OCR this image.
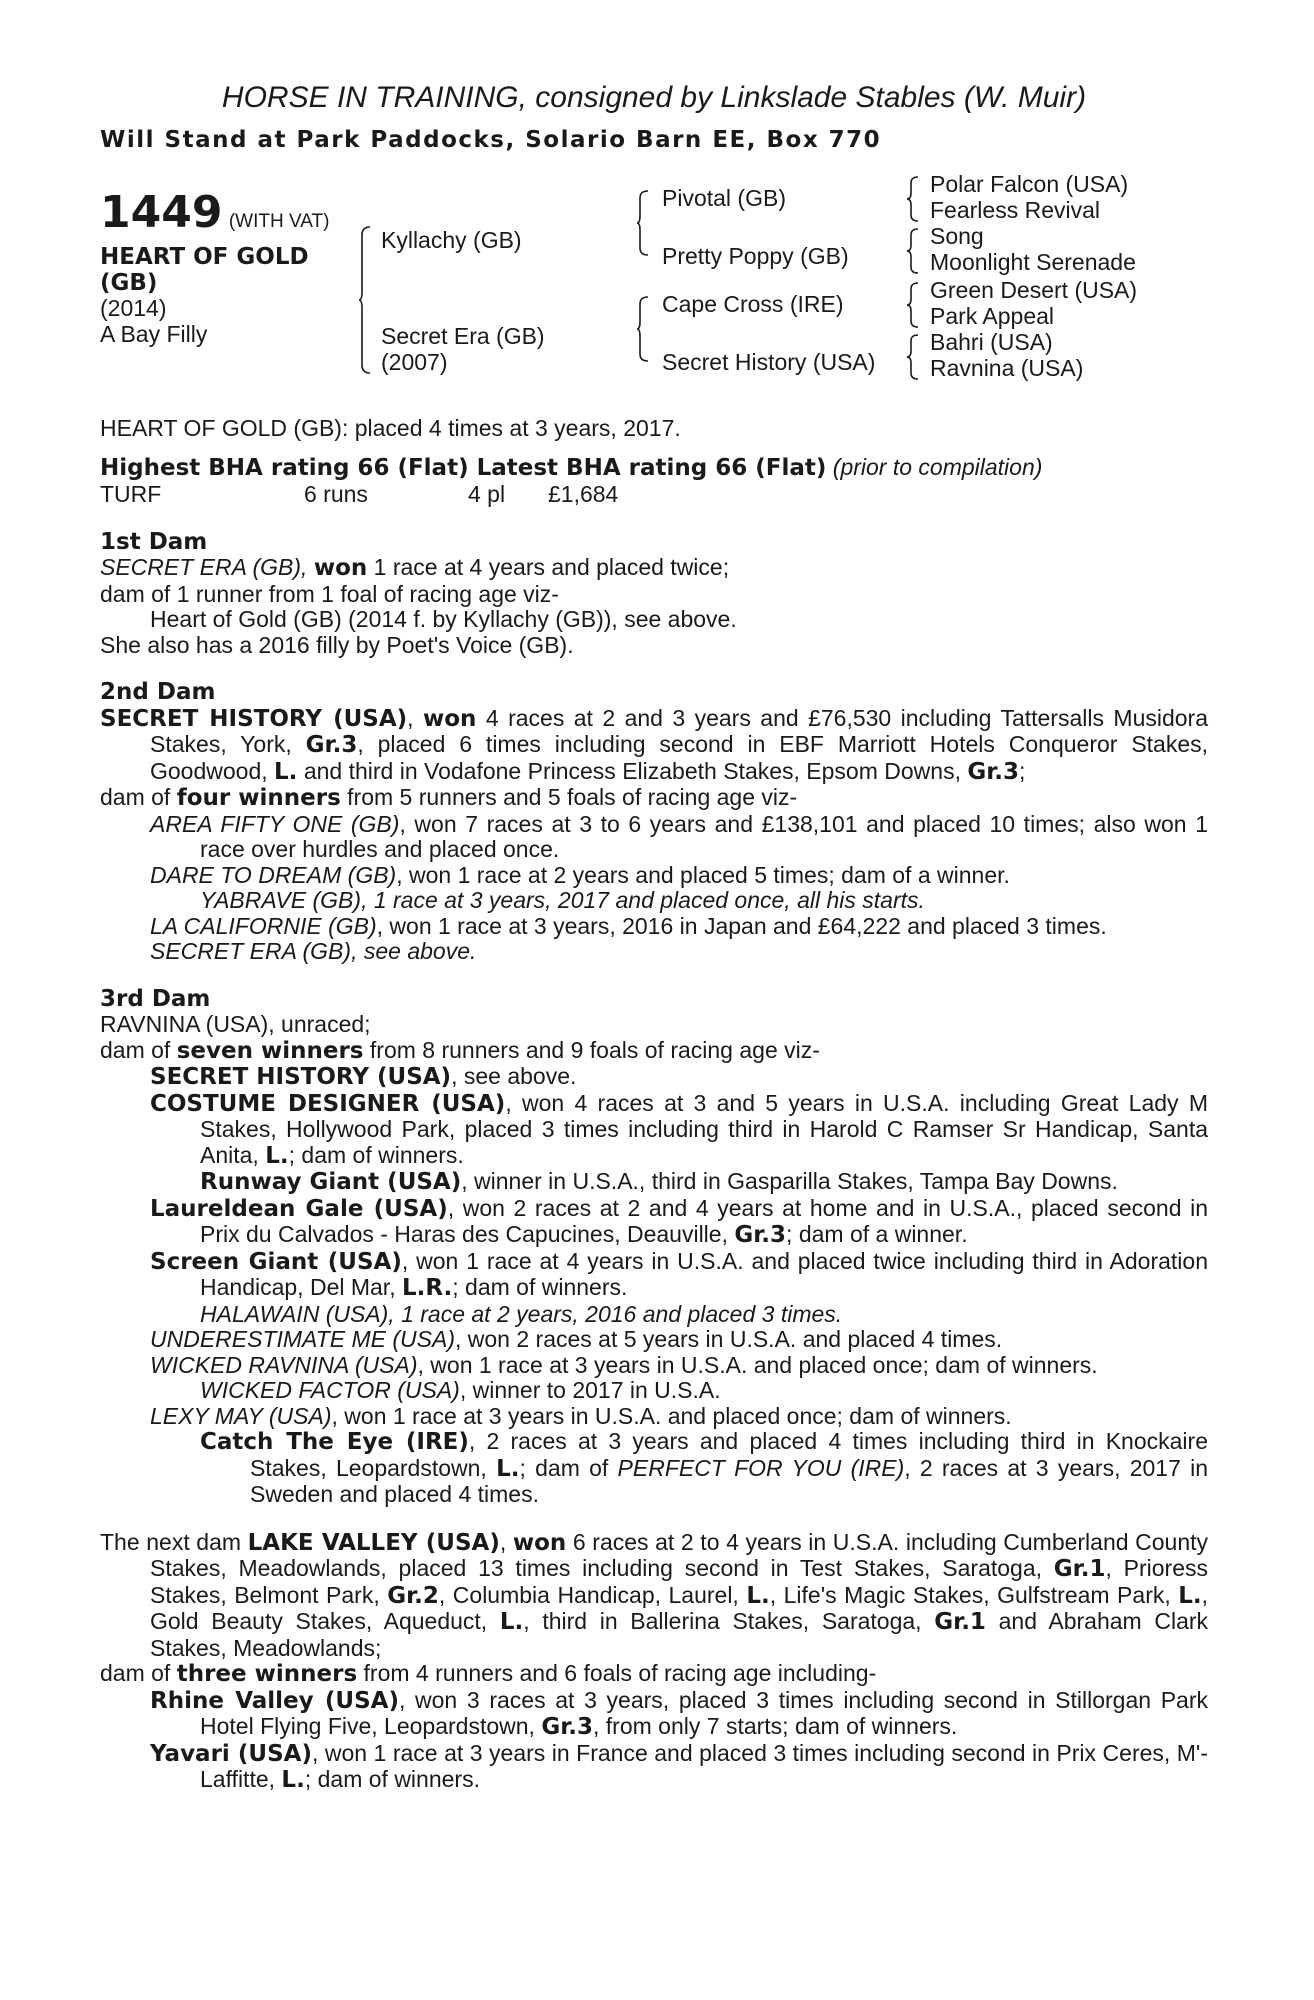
HORSE IN TRAINING, consigned by Linkslade Stables (W. Muir)
Will Stand at Park Paddocks, Solario Barn EE, Box 770
1449 (WITH VAT)
HEART OF GOLD
(GB)
(2014)
A Bay Filly
Kyllachy (GB)
Secret Era (GB)
(2007)
Pivotal (GB)
Pretty Poppy (GB)
Cape Cross (IRE)
Secret History (USA)
Polar Falcon (USA)
Fearless Revival
Song
Moonlight Serenade
Green Desert (USA)
Park Appeal
Bahri (USA)
Ravnina (USA)

HEART OF GOLD (GB): placed 4 times at 3 years, 2017.

Highest BHA rating 66 (Flat) Latest BHA rating 66 (Flat) (prior to compilation)

TURF	6 runs	4 pl £1,684

1st Dam

SECRET ERA (GB), won 1 race at 4 years and placed twice;

dam of 1 runner from 1 foal of racing age viz-

Heart of Gold (GB) (2014 f. by Kyllachy (GB)), see above.

She also has a 2016 filly by Poet's Voice (GB).

2nd Dam

SECRET HISTORY (USA), won 4 races at 2 and 3 years and £76,530 including Tattersalls Musidora Stakes, York, Gr.3, placed 6 times including second in EBF Marriott Hotels Conqueror Stakes, Goodwood, L. and third in Vodafone Princess Elizabeth Stakes, Epsom Downs, Gr.3;

dam of four winners from 5 runners and 5 foals of racing age viz-

AREA FIFTY ONE (GB), won 7 races at 3 to 6 years and £138,101 and placed 10 times; also won 1 race over hurdles and placed once.

DARE TO DREAM (GB), won 1 race at 2 years and placed 5 times; dam of a winner.

YABRAVE (GB), 1 race at 3 years, 2017 and placed once, all his starts.

LA CALIFORNIE (GB), won 1 race at 3 years, 2016 in Japan and £64,222 and placed 3 times.

SECRET ERA (GB), see above.

3rd Dam

RAVNINA (USA), unraced;

dam of seven winners from 8 runners and 9 foals of racing age viz-

SECRET HISTORY (USA), see above.

COSTUME DESIGNER (USA), won 4 races at 3 and 5 years in U.S.A. including Great Lady M Stakes, Hollywood Park, placed 3 times including third in Harold C Ramser Sr Handicap, Santa Anita, L.; dam of winners.

Runway Giant (USA), winner in U.S.A., third in Gasparilla Stakes, Tampa Bay Downs.

Laureldean Gale (USA), won 2 races at 2 and 4 years at home and in U.S.A., placed second in Prix du Calvados - Haras des Capucines, Deauville, Gr.3; dam of a winner.

Screen Giant (USA), won 1 race at 4 years in U.S.A. and placed twice including third in Adoration Handicap, Del Mar, L.R.; dam of winners.

HALAWAIN (USA), 1 race at 2 years, 2016 and placed 3 times.

UNDERESTIMATE ME (USA), won 2 races at 5 years in U.S.A. and placed 4 times.

WICKED RAVNINA (USA), won 1 race at 3 years in U.S.A. and placed once; dam of winners.

WICKED FACTOR (USA), winner to 2017 in U.S.A.

LEXY MAY (USA), won 1 race at 3 years in U.S.A. and placed once; dam of winners.

Catch The Eye (IRE), 2 races at 3 years and placed 4 times including third in Knockaire Stakes, Leopardstown, L.; dam of PERFECT FOR YOU (IRE), 2 races at 3 years, 2017 in Sweden and placed 4 times.

The next dam LAKE VALLEY (USA), won 6 races at 2 to 4 years in U.S.A. including Cumberland County Stakes, Meadowlands, placed 13 times including second in Test Stakes, Saratoga, Gr.1, Prioress Stakes, Belmont Park, Gr.2, Columbia Handicap, Laurel, L., Life's Magic Stakes, Gulfstream Park, L., Gold Beauty Stakes, Aqueduct, L., third in Ballerina Stakes, Saratoga, Gr.1 and Abraham Clark Stakes, Meadowlands;

dam of three winners from 4 runners and 6 foals of racing age including-

Rhine Valley (USA), won 3 races at 3 years, placed 3 times including second in Stillorgan Park Hotel Flying Five, Leopardstown, Gr.3, from only 7 starts; dam of winners.

Yavari (USA), won 1 race at 3 years in France and placed 3 times including second in Prix Ceres, M'-Laffitte, L.; dam of winners.
